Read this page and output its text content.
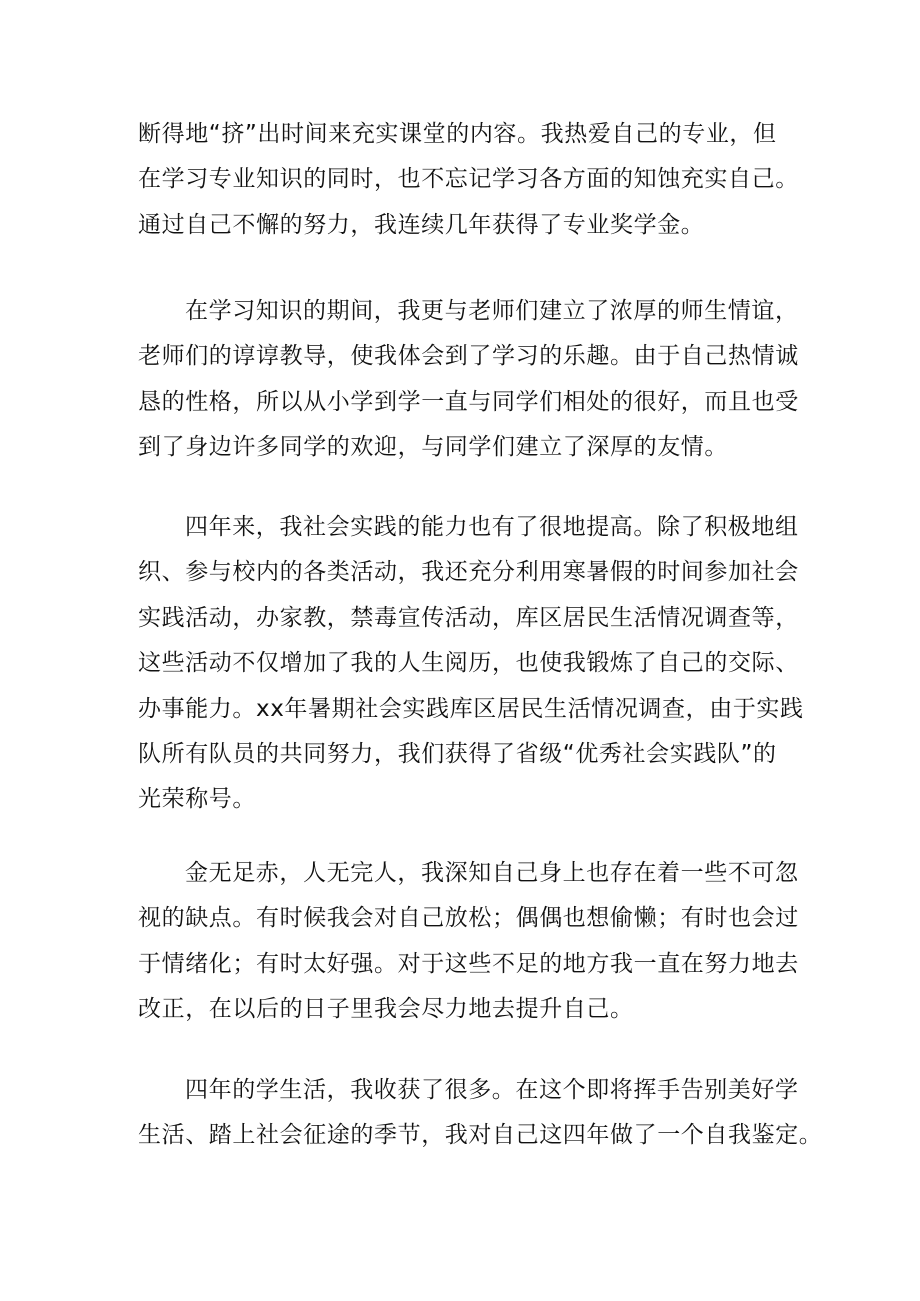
断得地“挤”出时间来充实课堂的内容。我热爱自己的专业，但
在学习专业知识的同时，也不忘记学习各方面的知蚀充实自己。
通过自己不懈的努力，我连续几年获得了专业奖学金。
在学习知识的期间，我更与老师们建立了浓厚的师生情谊，
老师们的谆谆教导，使我体会到了学习的乐趣。由于自己热情诚
恳的性格，所以从小学到学一直与同学们相处的很好，而且也受
到了身边许多同学的欢迎，与同学们建立了深厚的友情。
四年来，我社会实践的能力也有了很地提高。除了积极地组
织、参与校内的各类活动，我还充分利用寒暑假的时间参加社会
实践活动，办家教，禁毒宣传活动，库区居民生活情况调查等，
这些活动不仅增加了我的人生阅历，也使我锻炼了自己的交际、
办事能力。xx年暑期社会实践库区居民生活情况调查，由于实践
队所有队员的共同努力，我们获得了省级“优秀社会实践队”的
光荣称号。
金无足赤，人无完人，我深知自己身上也存在着一些不可忽
视的缺点。有时候我会对自己放松；偶偶也想偷懒；有时也会过
于情绪化；有时太好强。对于这些不足的地方我一直在努力地去
改正，在以后的日子里我会尽力地去提升自己。
四年的学生活，我收获了很多。在这个即将挥手告别美好学
生活、踏上社会征途的季节，我对自己这四年做了一个自我鉴定。
